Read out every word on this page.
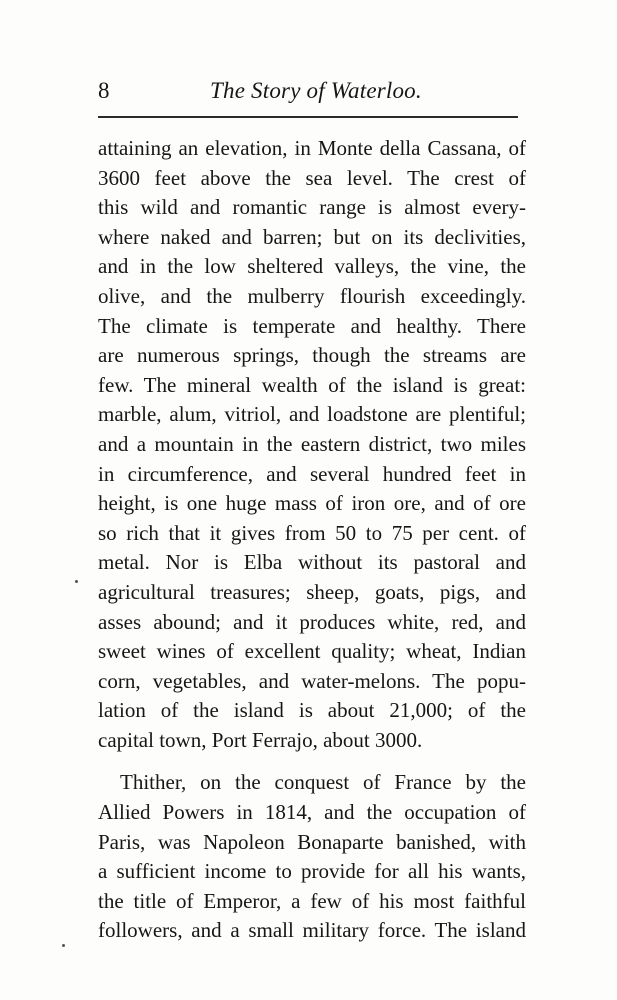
8	The Story of Waterloo.
attaining an elevation, in Monte della Cassana, of
3600 feet above the sea level. The crest of
this wild and romantic range is almost every-
where naked and barren; but on its declivities,
and in the low sheltered valleys, the vine, the
olive, and the mulberry flourish exceedingly.
The climate is temperate and healthy. There
are numerous springs, though the streams are
few. The mineral wealth of the island is great:
marble, alum, vitriol, and loadstone are plentiful;
and a mountain in the eastern district, two miles
in circumference, and several hundred feet in
height, is one huge mass of iron ore, and of ore
so rich that it gives from 50 to 75 per cent. of
metal. Nor is Elba without its pastoral and
agricultural treasures; sheep, goats, pigs, and
asses abound; and it produces white, red, and
sweet wines of excellent quality; wheat, Indian
corn, vegetables, and water-melons. The popu-
lation of the island is about 21,000; of the
capital town, Port Ferrajo, about 3000.
Thither, on the conquest of France by the
Allied Powers in 1814, and the occupation of
Paris, was Napoleon Bonaparte banished, with
a sufficient income to provide for all his wants,
the title of Emperor, a few of his most faithful
followers, and a small military force. The island
